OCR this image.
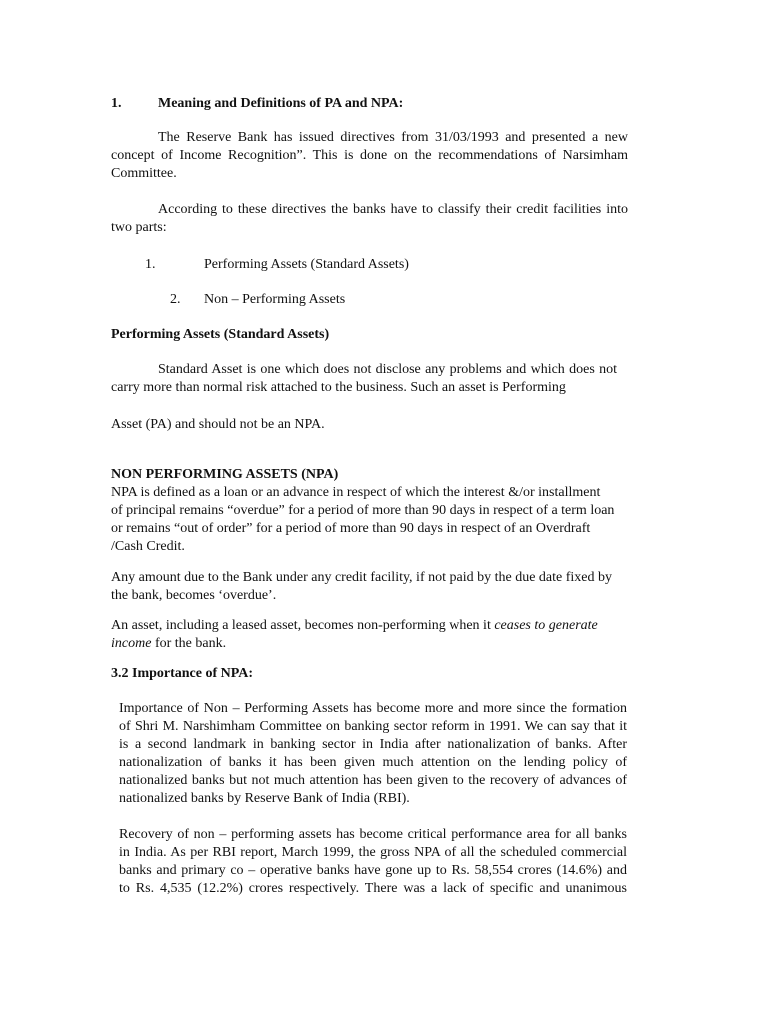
1.	Meaning and Definitions of PA and NPA:
The Reserve Bank has issued directives from 31/03/1993 and presented a new
concept of Income Recognition”. This is done on the recommendations of Narsimham
Committee.
According to these directives the banks have to classify their credit facilities into
two parts:
1.	Performing Assets (Standard Assets)
2. Non – Performing Assets
Performing Assets (Standard Assets)
Standard Asset is one which does not disclose any problems and which does not
carry more than normal risk attached to the business. Such an asset is Performing
Asset (PA) and should not be an NPA.
NON PERFORMING ASSETS (NPA)
NPA is defined as a loan or an advance in respect of which the interest &/or installment
of principal remains “overdue” for a period of more than 90 days in respect of a term loan
or remains “out of order” for a period of more than 90 days in respect of an Overdraft
/Cash Credit.
Any amount due to the Bank under any credit facility, if not paid by the due date fixed by
the bank, becomes ‘overdue’.
An asset, including a leased asset, becomes non-performing when it ceases to generate
income for the bank.
3.2 Importance of NPA:
Importance of Non – Performing Assets has become more and more since the formation
of Shri M. Narshimham Committee on banking sector reform in 1991. We can say that it
is a second landmark in banking sector in India after nationalization of banks. After
nationalization of banks it has been given much attention on the lending policy of
nationalized banks but not much attention has been given to the recovery of advances of
nationalized banks by Reserve Bank of India (RBI).
Recovery of non – performing assets has become critical performance area for all banks
in India. As per RBI report, March 1999, the gross NPA of all the scheduled commercial
banks and primary co – operative banks have gone up to Rs. 58,554 crores (14.6%) and
to Rs. 4,535 (12.2%) crores respectively. There was a lack of specific and unanimous
